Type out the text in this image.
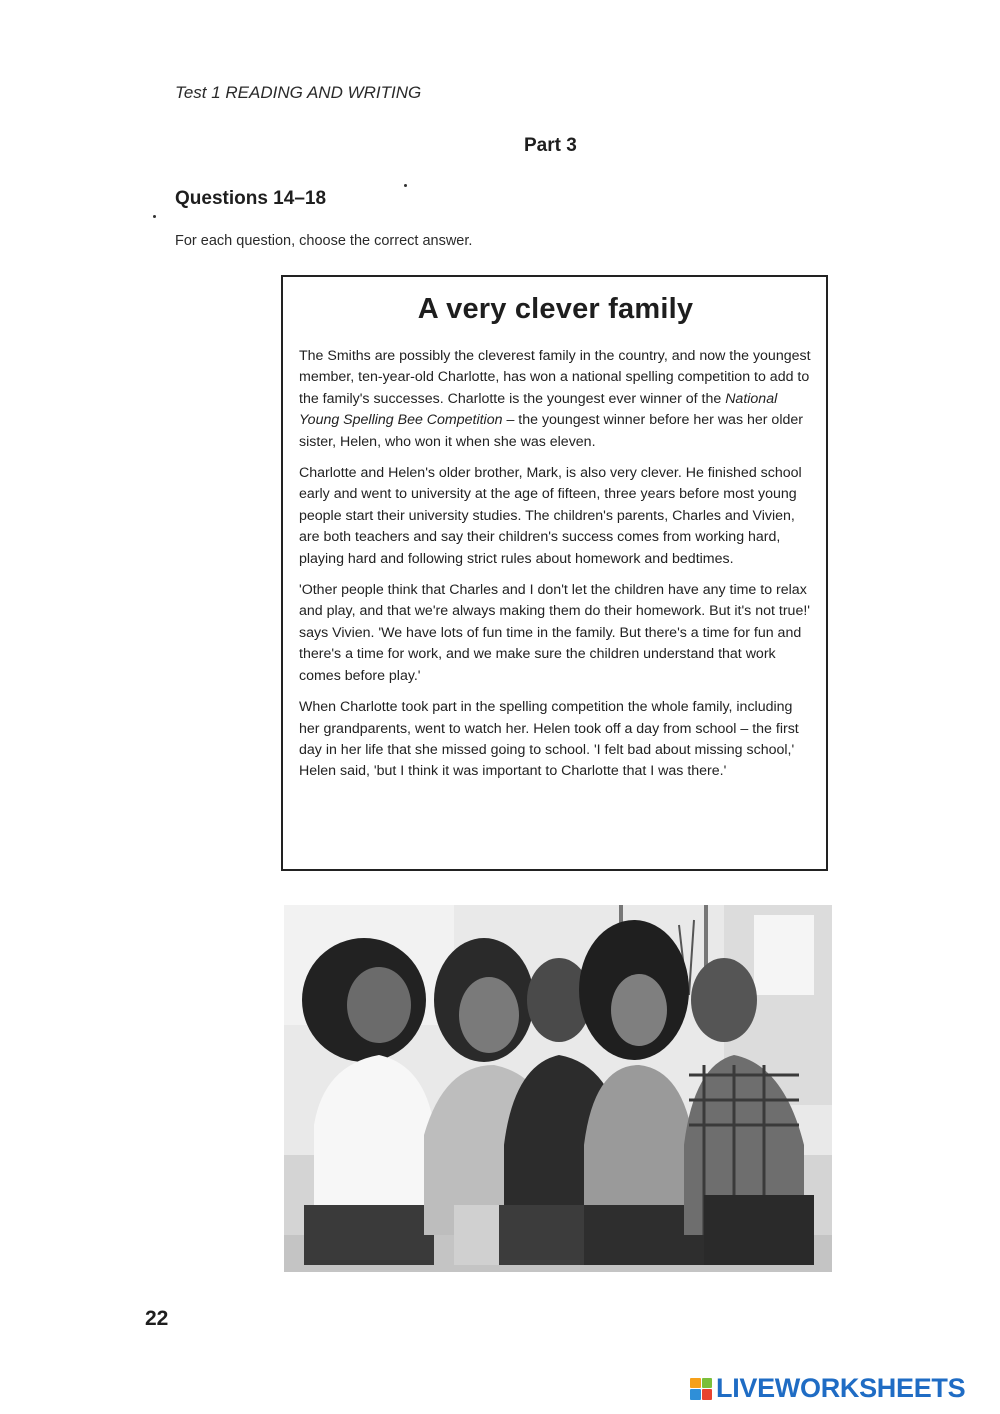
Test 1 READING AND WRITING
Part 3
Questions 14–18
For each question, choose the correct answer.
A very clever family

The Smiths are possibly the cleverest family in the country, and now the youngest member, ten-year-old Charlotte, has won a national spelling competition to add to the family's successes. Charlotte is the youngest ever winner of the National Young Spelling Bee Competition – the youngest winner before her was her older sister, Helen, who won it when she was eleven.

Charlotte and Helen's older brother, Mark, is also very clever. He finished school early and went to university at the age of fifteen, three years before most young people start their university studies. The children's parents, Charles and Vivien, are both teachers and say their children's success comes from working hard, playing hard and following strict rules about homework and bedtimes.

'Other people think that Charles and I don't let the children have any time to relax and play, and that we're always making them do their homework. But it's not true!' says Vivien. 'We have lots of fun time in the family. But there's a time for fun and there's a time for work, and we make sure the children understand that work comes before play.'

When Charlotte took part in the spelling competition the whole family, including her grandparents, went to watch her. Helen took off a day from school – the first day in her life that she missed going to school. 'I felt bad about missing school,' Helen said, 'but I think it was important to Charlotte that I was there.'

22
LIVEWORKSHEETS
